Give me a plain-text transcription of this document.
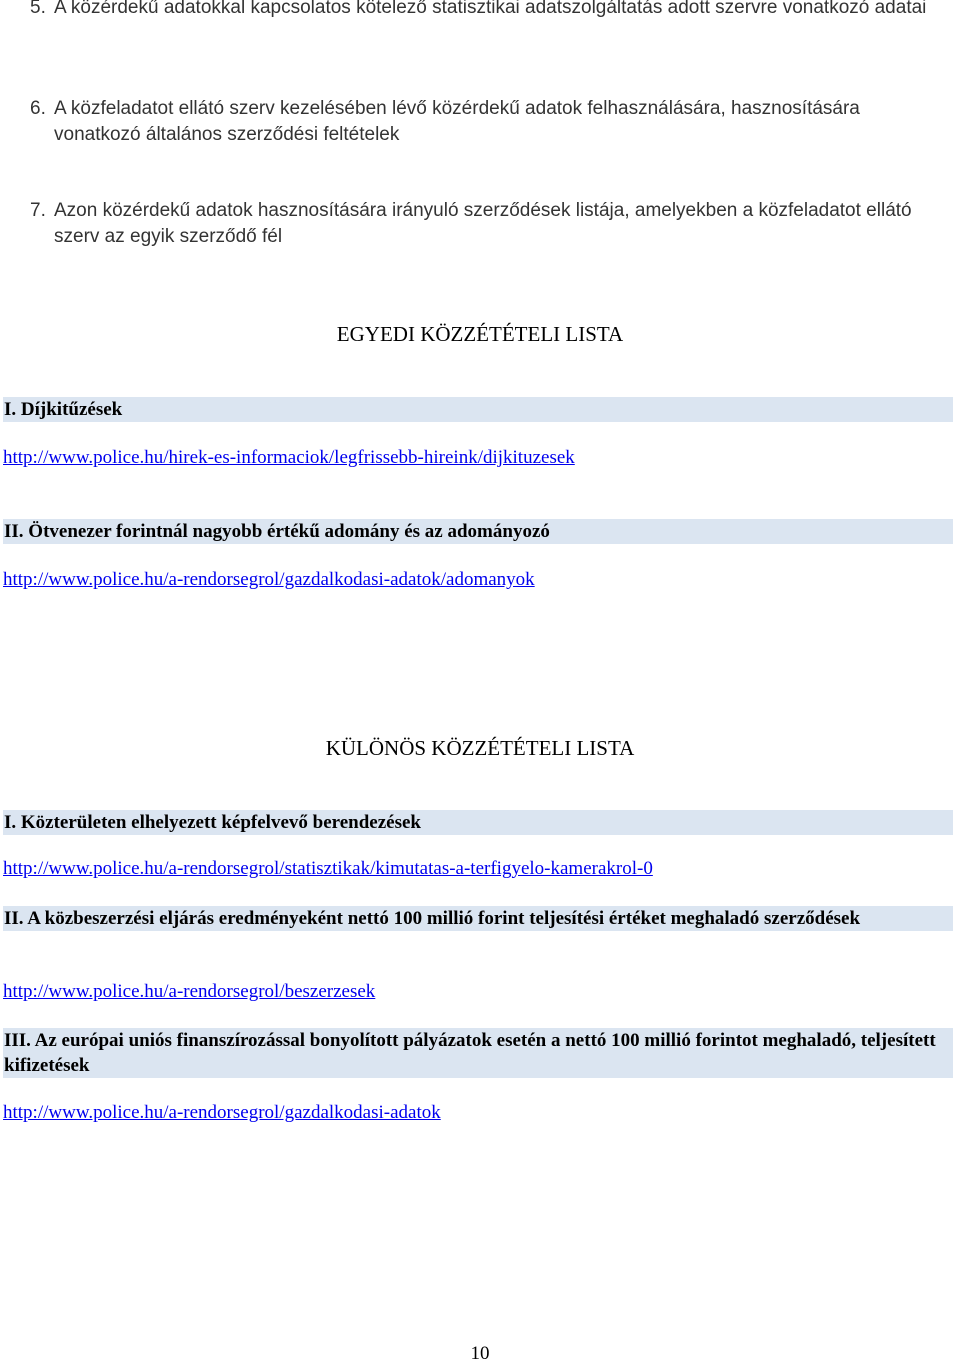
5. A közérdekű adatokkal kapcsolatos kötelező statisztikai adatszolgáltatás adott szervre vonatkozó adatai
6. A közfeladatot ellátó szerv kezelésében lévő közérdekű adatok felhasználására, hasznosítására vonatkozó általános szerződési feltételek
7. Azon közérdekű adatok hasznosítására irányuló szerződések listája, amelyekben a közfeladatot ellátó szerv az egyik szerződő fél
EGYEDI KÖZZÉTÉTELI LISTA
I. Díjkitűzések
http://www.police.hu/hirek-es-informaciok/legfrissebb-hireink/dijkituzesek
II. Ötvenezer forintnál nagyobb értékű adomány és az adományozó
http://www.police.hu/a-rendorsegrol/gazdalkodasi-adatok/adomanyok
KÜLÖNÖS KÖZZÉTÉTELI LISTA
I. Közterületen elhelyezett képfelvevő berendezések
http://www.police.hu/a-rendorsegrol/statisztikak/kimutatas-a-terfigyelo-kamerakrol-0
II. A közbeszerzési eljárás eredményeként nettó 100 millió forint teljesítési értéket meghaladó szerződések
http://www.police.hu/a-rendorsegrol/beszerzesek
III. Az európai uniós finanszírozással bonyolított pályázatok esetén a nettó 100 millió forintot meghaladó, teljesített kifizetések
http://www.police.hu/a-rendorsegrol/gazdalkodasi-adatok
10
